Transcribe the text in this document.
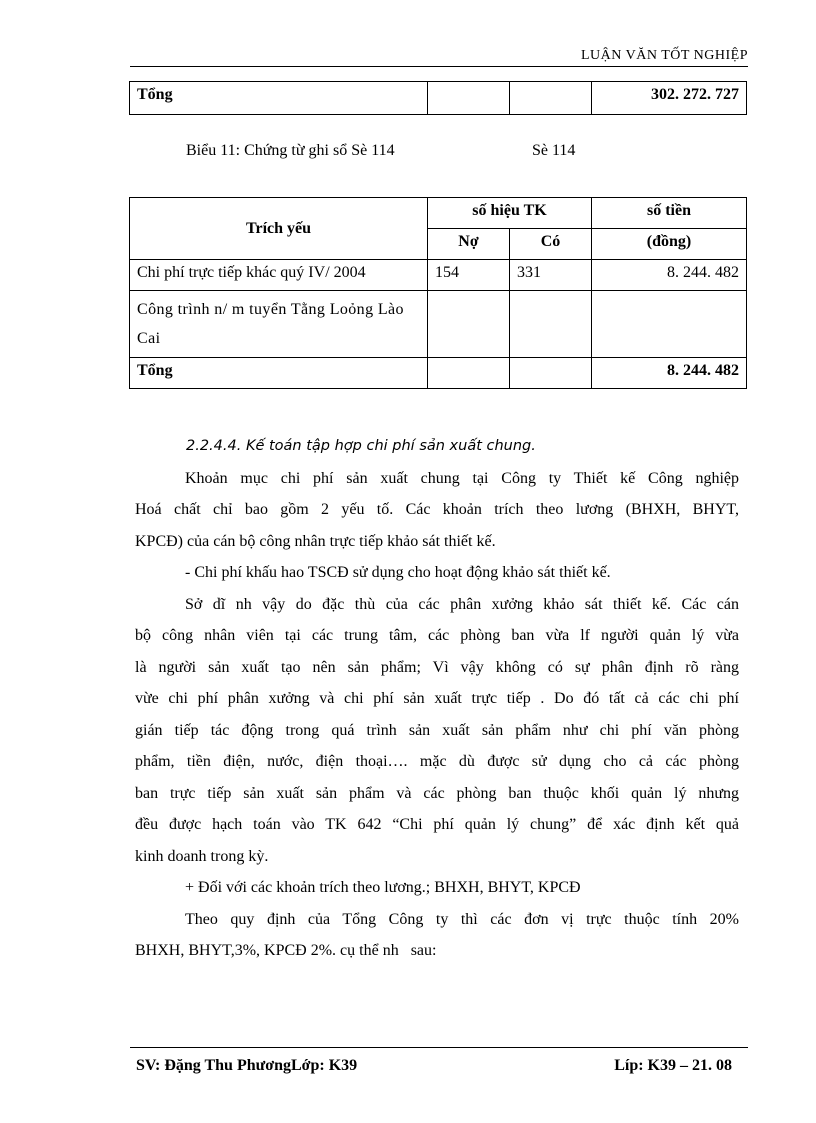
LUẬN VĂN TỐT NGHIỆP
Tổng			302. 272. 727
Biểu 11: Chứng từ ghi sổ Sè 114	Sè 114
Trích yếu	số hiệu TK		số tiền
	Nợ	Có	(đồng)
Chi phí trực tiếp khác quý IV/ 2004	154	331	8. 244. 482
Công trình n/ m tuyển Tằng Loỏng Lào Cai			
Tổng			8. 244. 482
2.2.4.4. Kế toán tập hợp chi phí sản xuất chung.
Khoản mục chi phí sản xuất chung tại Công ty Thiết kế Công nghiệp
Hoá chất chỉ bao gồm 2 yếu tố. Các khoản trích theo lương (BHXH, BHYT,
KPCĐ) của cán bộ công nhân trực tiếp khảo sát thiết kế.
- Chi phí khấu hao TSCĐ sử dụng cho hoạt động khảo sát thiết kế.
Sở dĩ nh vậy do đặc thù của các phân xưởng khảo sát thiết kế. Các cán
bộ công nhân viên tại các trung tâm, các phòng ban vừa lf người quản lý vừa
là người sản xuất tạo nên sản phẩm; Vì vậy không có sự phân định rõ ràng
vừe chi phí phân xưởng và chi phí sản xuất trực tiếp . Do đó tất cả các chi phí
gián tiếp tác động trong quá trình sản xuất sản phẩm như chi phí văn phòng
phẩm, tiền điện, nước, điện thoại…. mặc dù được sử dụng cho cả các phòng
ban trực tiếp sản xuất sản phẩm và các phòng ban thuộc khối quản lý nhưng
đều được hạch toán vào TK 642 “Chi phí quản lý chung” để xác định kết quả
kinh doanh trong kỳ.
+ Đối với các khoản trích theo lương.; BHXH, BHYT, KPCĐ
Theo quy định của Tổng Công ty thì các đơn vị trực thuộc tính 20%
BHXH, BHYT,3%, KPCĐ 2%. cụ thể nh   sau:
SV: Đặng Thu PhươngLớp: K39	Líp: K39 – 21. 08
